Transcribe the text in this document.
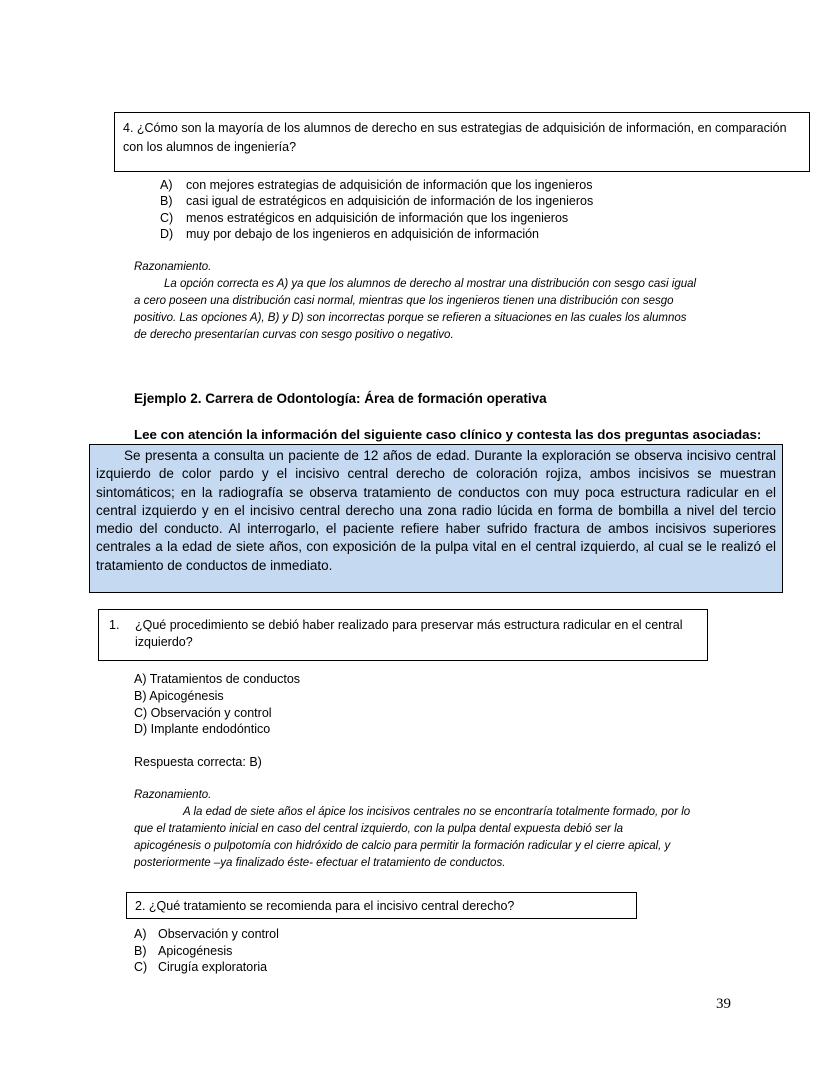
4. ¿Cómo son la mayoría de los alumnos de derecho en sus estrategias de adquisición de información, en comparación con los alumnos de ingeniería?
A) con mejores estrategias de adquisición de información que los ingenieros
B) casi igual de estratégicos en adquisición de información de los ingenieros
C) menos estratégicos en adquisición de información que los ingenieros
D) muy por debajo de los ingenieros en adquisición de información
Razonamiento.
La opción correcta es A) ya que los alumnos de derecho al mostrar una distribución con sesgo casi igual
a cero poseen una distribución casi normal, mientras que los ingenieros tienen una distribución con sesgo
positivo. Las opciones A), B) y D) son incorrectas porque se refieren a situaciones en las cuales los alumnos
de derecho presentarían curvas con sesgo positivo o negativo.
Ejemplo 2. Carrera de Odontología: Área de formación operativa
Lee con atención la información del siguiente caso clínico y contesta las dos preguntas asociadas:

Se presenta a consulta un paciente de 12 años de edad. Durante la exploración se observa incisivo central izquierdo de color pardo y el incisivo central derecho de coloración rojiza, ambos incisivos se muestran sintomáticos; en la radiografía se observa tratamiento de conductos con muy poca estructura radicular en el central izquierdo y en el incisivo central derecho una zona radio lúcida en forma de bombilla a nivel del tercio medio del conducto. Al interrogarlo, el paciente refiere haber sufrido fractura de ambos incisivos superiores centrales a la edad de siete años, con exposición de la pulpa vital en el central izquierdo, al cual se le realizó el tratamiento de conductos de inmediato.

1. ¿Qué procedimiento se debió haber realizado para preservar más estructura radicular en el central izquierdo?
A) Tratamientos de conductos
B) Apicogénesis
C) Observación y control
D) Implante endodóntico
Respuesta correcta: B)
Razonamiento.
A la edad de siete años el ápice los incisivos centrales no se encontraría totalmente formado, por lo
que el tratamiento inicial en caso del central izquierdo, con la pulpa dental expuesta debió ser la
apicogénesis o pulpotomía con hidróxido de calcio para permitir la formación radicular y el cierre apical, y
posteriormente –ya finalizado éste- efectuar el tratamiento de conductos.
2. ¿Qué tratamiento se recomienda para el incisivo central derecho?
A) Observación y control
B) Apicogénesis
C) Cirugía exploratoria
39
